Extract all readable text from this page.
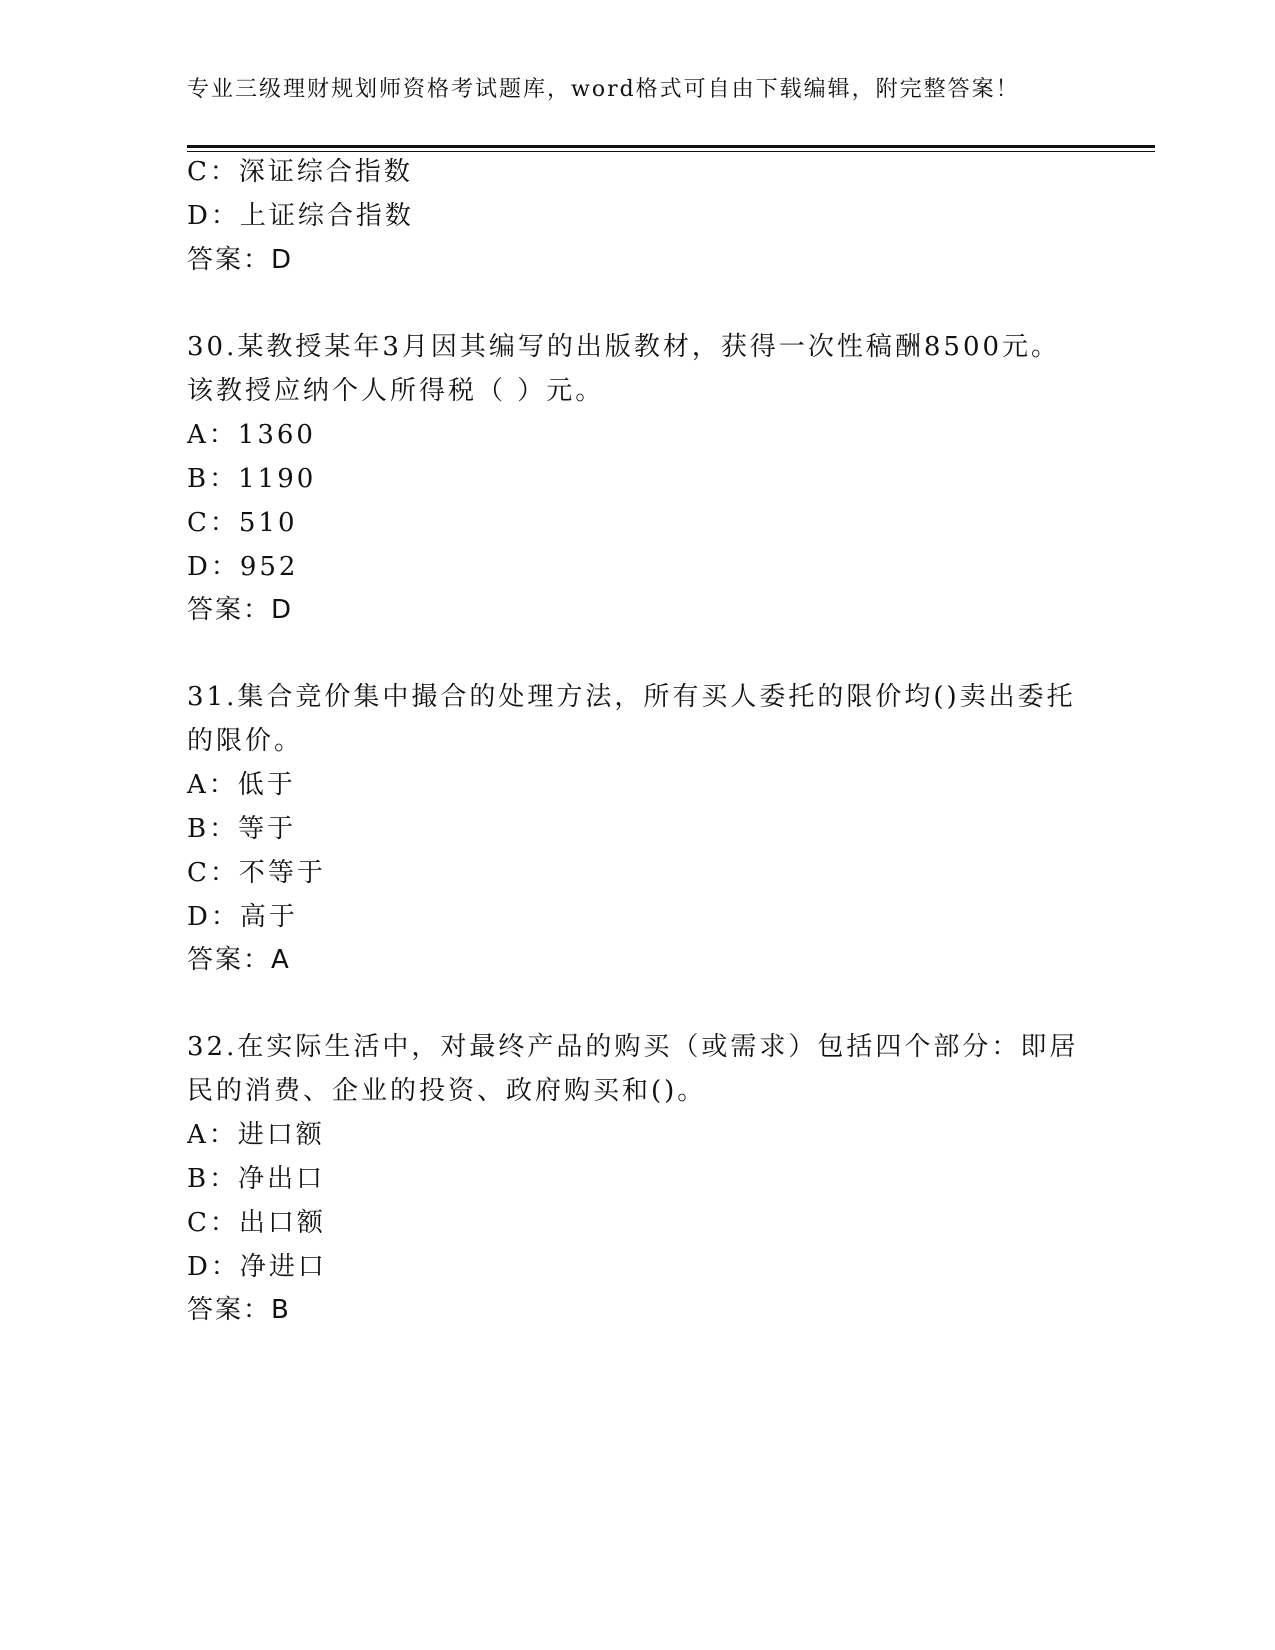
专业三级理财规划师资格考试题库，word格式可自由下载编辑，附完整答案！
C：深证综合指数
D：上证综合指数
答案：D
30.某教授某年3月因其编写的出版教材，获得一次性稿酬8500元。
该教授应纳个人所得税（ ）元。
A：1360
B：1190
C：510
D：952
答案：D
31.集合竞价集中撮合的处理方法，所有买人委托的限价均()卖出委托
的限价。
A：低于
B：等于
C：不等于
D：高于
答案：A
32.在实际生活中，对最终产品的购买（或需求）包括四个部分：即居
民的消费、企业的投资、政府购买和()。
A：进口额
B：净出口
C：出口额
D：净进口
答案：B
